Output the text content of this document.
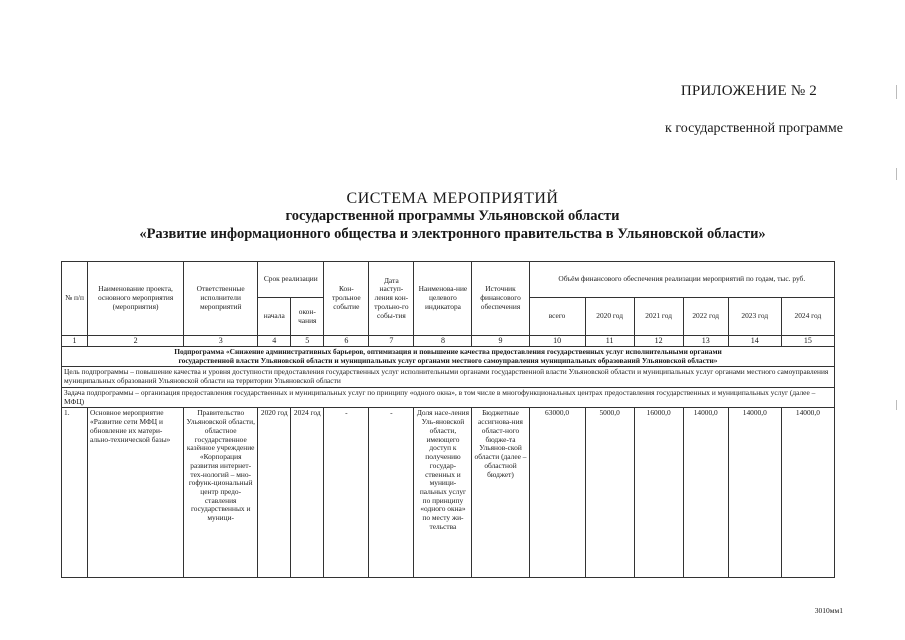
ПРИЛОЖЕНИЕ № 2
к государственной программе
СИСТЕМА МЕРОПРИЯТИЙ
государственной программы Ульяновской области
«Развитие информационного общества и электронного правительства в Ульяновской области»
№ п/п	Наименование проекта, основного мероприятия (мероприятия)	Ответственные исполнители мероприятий	Срок реализации		Кон-трольное событие	Дата наступ-ления кон-трольно-го собы-тия	Наименова-ние целевого индикатора	Источник финансового обеспечения	Объём финансового обеспечения реализации мероприятий по годам, тыс. руб.					
			начала	окон-чания					всего	2020 год	2021 год	2022 год	2023 год	2024 год
1	2	3	4	5	6	7	8	9	10	11	12	13	14	15
Подпрограмма «Снижение административных барьеров, оптимизация и повышение качества предоставления государственных услуг исполнительными органами государственной власти Ульяновской области и муниципальных услуг органами местного самоуправления муниципальных образований Ульяновской области»														
Цель подпрограммы – повышение качества и уровня доступности предоставления государственных услуг исполнительными органами государственной власти Ульяновской области и муниципальных услуг органами местного самоуправления муниципальных образований Ульяновской области на территории Ульяновской области														
Задача подпрограммы – организация предоставления государственных и муниципальных услуг по принципу «одного окна», в том числе в многофункциональных центрах предоставления государственных и муниципальных услуг (далее – МФЦ)														
1.	Основное мероприятие «Развитие сети МФЦ и обновление их матери-ально-технической базы»	Правительство Ульяновской области, областное государственное казённое учреждение «Корпорация развития интернет-тех-нологий – мно-гофунк-циональный центр предо-ставления государственных и муници-	2020 год	2024 год	-	-	Доля насе-ления Уль-яновской области, имеющего доступ к получению государ-ственных и муници-пальных услуг по принципу «одного окна» по месту жи-тельства	Бюджетные ассигнова-ния област-ного бюдже-та Ульянов-ской области (далее – областной бюджет)	63000,0	5000,0	16000,0	14000,0	14000,0	14000,0
3010мм1
